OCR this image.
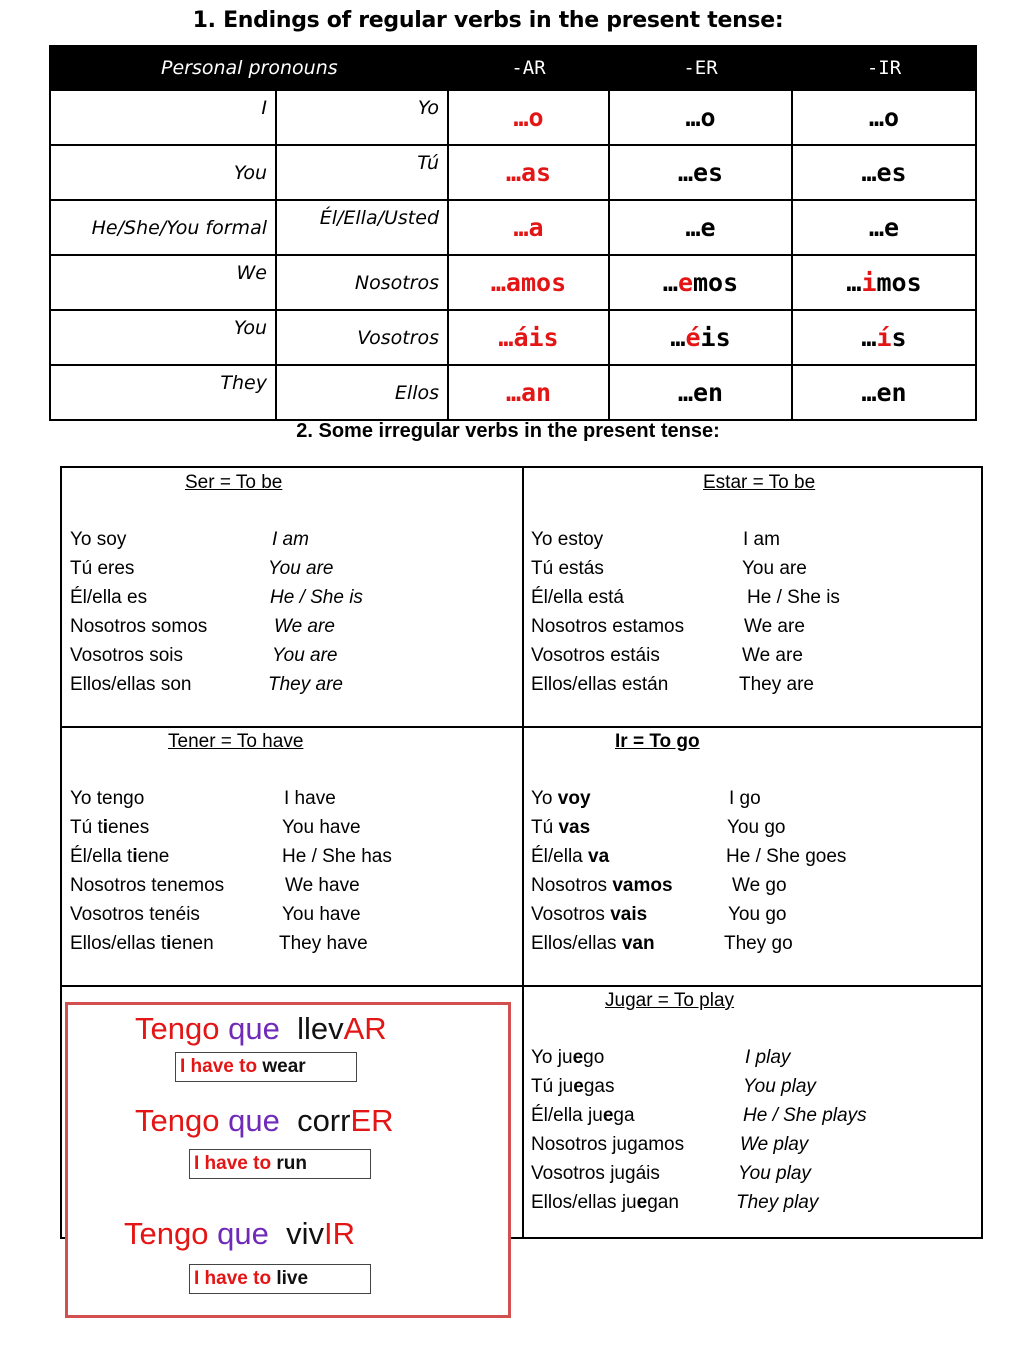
1. Endings of regular verbs in the present tense:
Personal pronouns		-AR	-ER	-IR
I	Yo	…o	…o	…o
You	Tú	…as	…es	…es
He/She/You formal	Él/Ella/Usted	…a	…e	…e
We	Nosotros	…amos	…emos	…imos
You	Vosotros	…áis	…éis	…ís
They	Ellos	…an	…en	…en
2. Some irregular verbs in the present tense:
Ser = To be
Yo soy	I am
Tú eres	You are
Él/ella es	He / She is
Nosotros somos	We are
Vosotros sois	You are
Ellos/ellas son	They are
Estar = To be
Yo estoy	I am
Tú estás	You are
Él/ella está	He / She is
Nosotros estamos	We are
Vosotros estáis	We are
Ellos/ellas están	They are
Tener = To have
Yo tengo	I have
Tú tienes	You have
Él/ella tiene	He / She has
Nosotros tenemos	We have
Vosotros tenéis	You have
Ellos/ellas tienen	They have
Ir = To go
Yo voy	I go
Tú vas	You go
Él/ella va	He / She goes
Nosotros vamos	We go
Vosotros vais	You go
Ellos/ellas van	They go
Jugar = To play
Yo juego	I play
Tú juegas	You play
Él/ella juega	He / She plays
Nosotros jugamos	We play
Vosotros jugáis	You play
Ellos/ellas juegan	They play
Tengo que llevAR
I have to wear
Tengo que corrER
I have to run
Tengo que vivIR
I have to live
